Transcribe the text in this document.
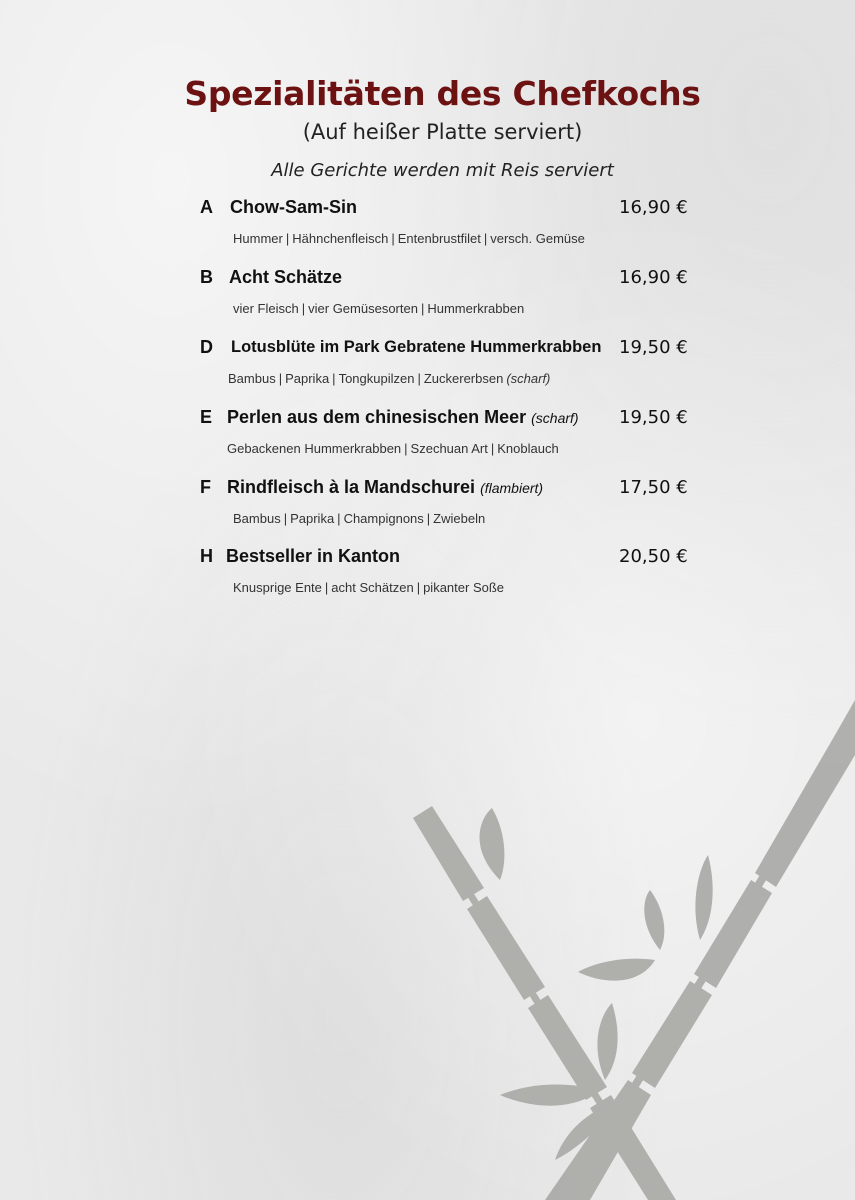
Spezialitäten des Chefkochs
(Auf heißer Platte serviert)
Alle Gerichte werden mit Reis serviert
A Chow-Sam-Sin	16,90 €
Hummer | Hähnchenfleisch | Entenbrustfilet | versch. Gemüse
B Acht Schätze	16,90 €
vier Fleisch | vier Gemüsesorten | Hummerkrabben
D Lotusblüte im Park Gebratene Hummerkrabben 19,50 €
Bambus | Paprika | Tongkupilzen | Zuckererbsen (scharf)
E Perlen aus dem chinesischen Meer (scharf) 19,50 €
Gebackenen Hummerkrabben | Szechuan Art | Knoblauch
F Rindfleisch à la Mandschurei (flambiert)	17,50 €
Bambus | Paprika | Champignons | Zwiebeln
H Bestseller in Kanton	20,50 €
Knusprige Ente | acht Schätzen | pikanter Soße
